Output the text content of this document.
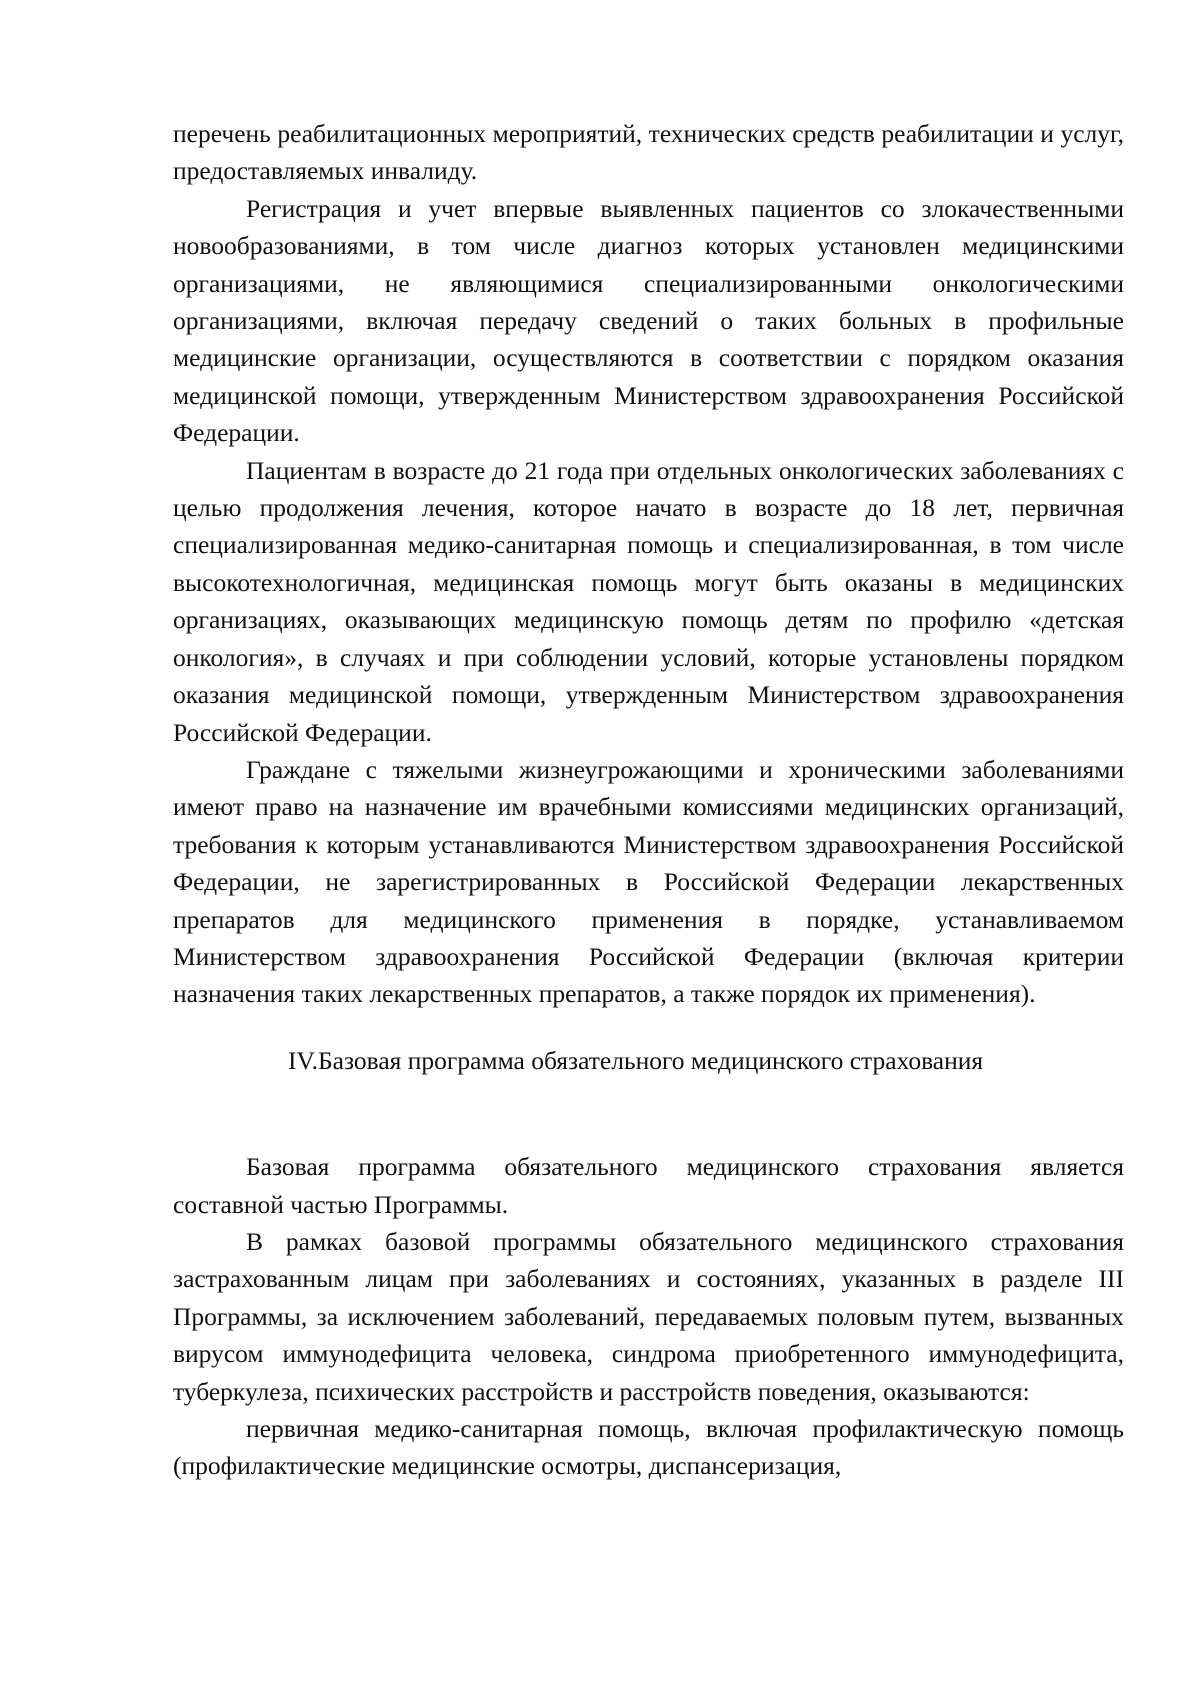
перечень реабилитационных мероприятий, технических средств реабилитации и услуг, предоставляемых инвалиду.

Регистрация и учет впервые выявленных пациентов со злокачественными новообразованиями, в том числе диагноз которых установлен медицинскими организациями, не являющимися специализированными онкологическими организациями, включая передачу сведений о таких больных в профильные медицинские организации, осуществляются в соответствии с порядком оказания медицинской помощи, утвержденным Министерством здравоохранения Российской Федерации.

Пациентам в возрасте до 21 года при отдельных онкологических заболеваниях с целью продолжения лечения, которое начато в возрасте до 18 лет, первичная специализированная медико-санитарная помощь и специализированная, в том числе высокотехнологичная, медицинская помощь могут быть оказаны в медицинских организациях, оказывающих медицинскую помощь детям по профилю «детская онкология», в случаях и при соблюдении условий, которые установлены порядком оказания медицинской помощи, утвержденным Министерством здравоохранения Российской Федерации.

Граждане с тяжелыми жизнеугрожающими и хроническими заболеваниями имеют право на назначение им врачебными комиссиями медицинских организаций, требования к которым устанавливаются Министерством здравоохранения Российской Федерации, не зарегистрированных в Российской Федерации лекарственных препаратов для медицинского применения в порядке, устанавливаемом Министерством здравоохранения Российской Федерации (включая критерии назначения таких лекарственных препаратов, а также порядок их применения).

IV.Базовая программа обязательного медицинского страхования

Базовая программа обязательного медицинского страхования является составной частью Программы.

В рамках базовой программы обязательного медицинского страхования застрахованным лицам при заболеваниях и состояниях, указанных в разделе III Программы, за исключением заболеваний, передаваемых половым путем, вызванных вирусом иммунодефицита человека, синдрома приобретенного иммунодефицита, туберкулеза, психических расстройств и расстройств поведения, оказываются:

первичная медико-санитарная помощь, включая профилактическую помощь (профилактические медицинские осмотры, диспансеризация,
